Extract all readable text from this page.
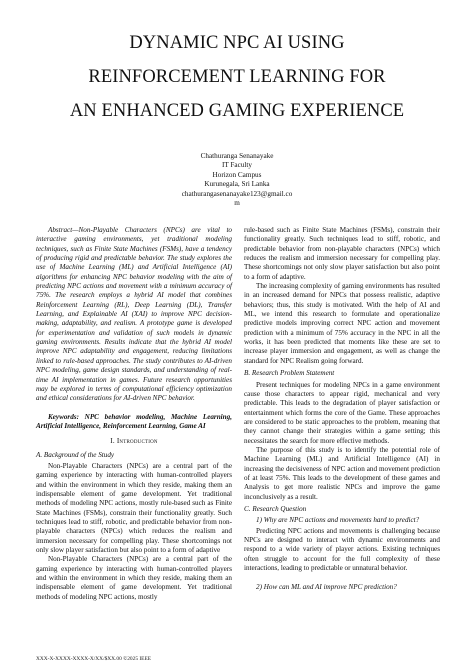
DYNAMIC NPC AI USING
REINFORCEMENT LEARNING FOR
AN ENHANCED GAMING EXPERIENCE
Chathuranga Senanayake
IT Faculty
Horizon Campus
Kurunegala, Sri Lanka
chathurangasenanayake123@gmail.co
m

Abstract—Non-Playable Characters (NPCs) are vital to interactive gaming environments, yet traditional modeling techniques, such as Finite State Machines (FSMs), have a tendency of producing rigid and predictable behavior. The study explores the use of Machine Learning (ML) and Artificial Intelligence (AI) algorithms for enhancing NPC behavior modeling with the aim of predicting NPC actions and movement with a minimum accuracy of 75%. The research employs a hybrid AI model that combines Reinforcement Learning (RL), Deep Learning (DL), Transfer Learning, and Explainable AI (XAI) to improve NPC decision-making, adaptability, and realism. A prototype game is developed for experimentation and validation of such models in dynamic gaming environments. Results indicate that the hybrid AI model improve NPC adaptability and engagement, reducing limitations linked to rule-based approaches. The study contributes to AI-driven NPC modeling, game design standards, and understanding of real-time AI implementation in games. Future research opportunities may be explored in terms of computational efficiency optimization and ethical considerations for AI-driven NPC behavior.

Keywords: NPC behavior modeling, Machine Learning, Artificial Intelligence, Reinforcement Learning, Game AI

I. Introduction
A. Background of the Study

Non-Playable Characters (NPCs) are a central part of the gaming experience by interacting with human-controlled players and within the environment in which they reside, making them an indispensable element of game development. Yet traditional methods of modeling NPC actions, mostly rule-based such as Finite State Machines (FSMs), constrain their functionality greatly. Such techniques lead to stiff, robotic, and predictable behavior from non-playable characters (NPCs) which reduces the realism and immersion necessary for compelling play. These shortcomings not only slow player satisfaction but also point to a form of adaptive

Non-Playable Characters (NPCs) are a central part of the gaming experience by interacting with human-controlled players and within the environment in which they reside, making them an indispensable element of game development. Yet traditional methods of modeling NPC actions, mostly

rule-based such as Finite State Machines (FSMs), constrain their functionality greatly. Such techniques lead to stiff, robotic, and predictable behavior from non-playable characters (NPCs) which reduces the realism and immersion necessary for compelling play. These shortcomings not only slow player satisfaction but also point to a form of adaptive.

The increasing complexity of gaming environments has resulted in an increased demand for NPCs that possess realistic, adaptive behaviors; thus, this study is motivated. With the help of AI and ML, we intend this research to formulate and operationalize predictive models improving correct NPC action and movement prediction with a minimum of 75% accuracy in the NPC in all the works, it has been predicted that moments like these are set to increase player immersion and engagement, as well as change the standard for NPC Realism going forward.

B. Research Problem Statement

Present techniques for modeling NPCs in a game environment cause those characters to appear rigid, mechanical and very predictable. This leads to the degradation of player satisfaction or entertainment which forms the core of the Game. These approaches are considered to be static approaches to the problem, meaning that they cannot change their strategies within a game setting; this necessitates the search for more effective methods.

The purpose of this study is to identify the potential role of Machine Learning (ML) and Artificial Intelligence (AI) in increasing the decisiveness of NPC action and movement prediction of at least 75%. This leads to the development of these games and Analysis to get more realistic NPCs and improve the game inconclusively as a result.

C. Research Question
1) Why are NPC actions and movements hard to predict?

Predicting NPC actions and movements is challenging because NPCs are designed to interact with dynamic environments and respond to a wide variety of player actions. Existing techniques often struggle to account for the full complexity of these interactions, leading to predictable or unnatural behavior.

2) How can ML and AI improve NPC prediction?
XXX-X-XXXX-XXXX-X/XX/$XX.00 ©2025 IEEE
